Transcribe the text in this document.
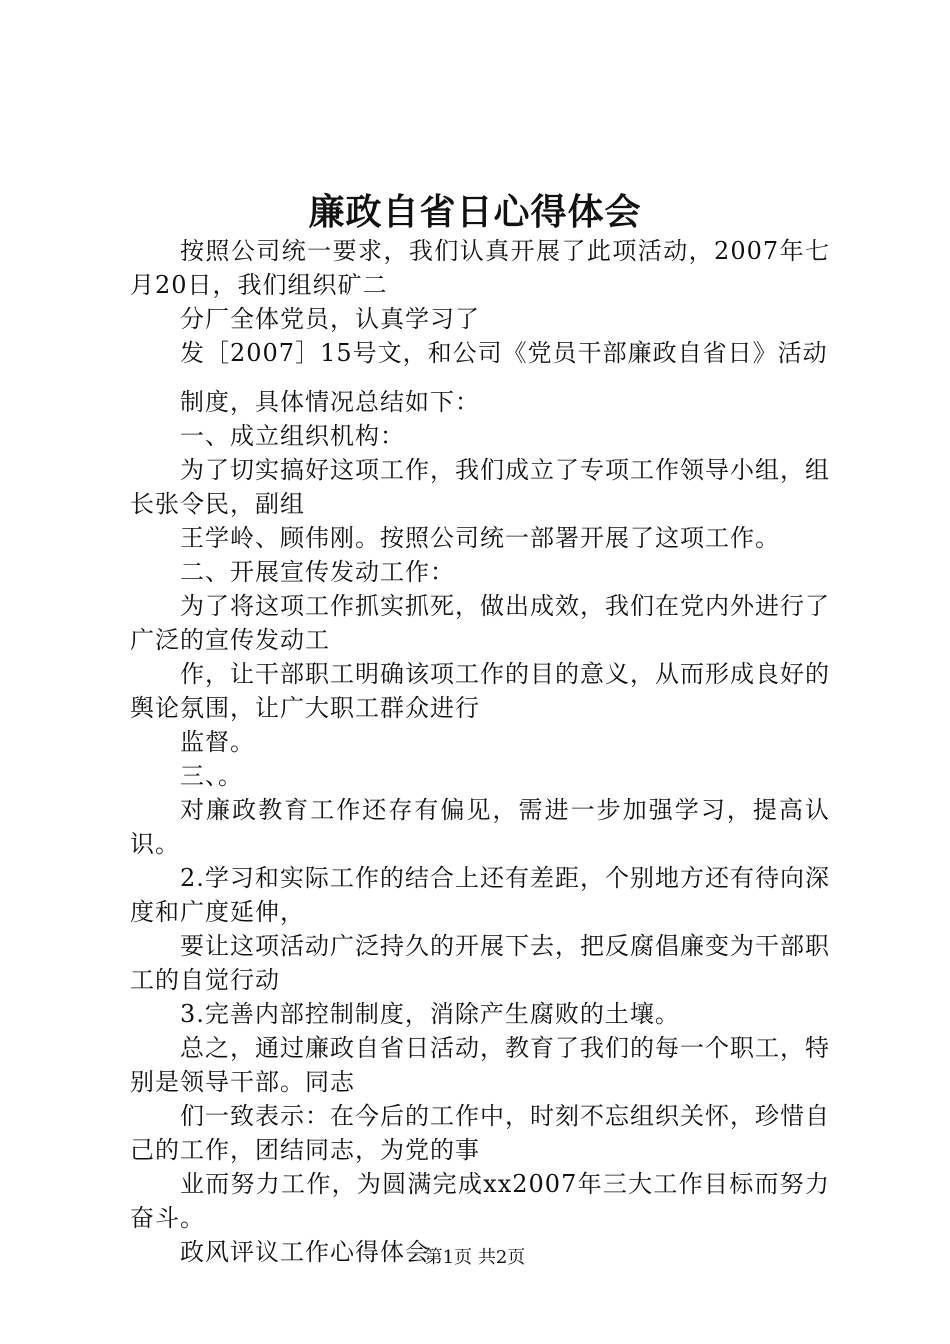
廉政自省日心得体会

按照公司统一要求，我们认真开展了此项活动，2007年七月20日，我们组织矿二

分厂全体党员，认真学习了

发［2007］15号文，和公司《党员干部廉政自省日》活动

制度，具体情况总结如下：

一、成立组织机构：

为了切实搞好这项工作，我们成立了专项工作领导小组，组长张令民，副组

王学岭、顾伟刚。按照公司统一部署开展了这项工作。

二、开展宣传发动工作：

为了将这项工作抓实抓死，做出成效，我们在党内外进行了广泛的宣传发动工

作，让干部职工明确该项工作的目的意义，从而形成良好的舆论氛围，让广大职工群众进行

监督。

三、。

对廉政教育工作还存有偏见，需进一步加强学习，提高认识。

2.学习和实际工作的结合上还有差距，个别地方还有待向深度和广度延伸，

要让这项活动广泛持久的开展下去，把反腐倡廉变为干部职工的自觉行动

3.完善内部控制制度，消除产生腐败的土壤。

总之，通过廉政自省日活动，教育了我们的每一个职工，特别是领导干部。同志

们一致表示：在今后的工作中，时刻不忘组织关怀，珍惜自己的工作，团结同志，为党的事

业而努力工作，为圆满完成xx2007年三大工作目标而努力奋斗。

政风评议工作心得体会

第1页 共2页
